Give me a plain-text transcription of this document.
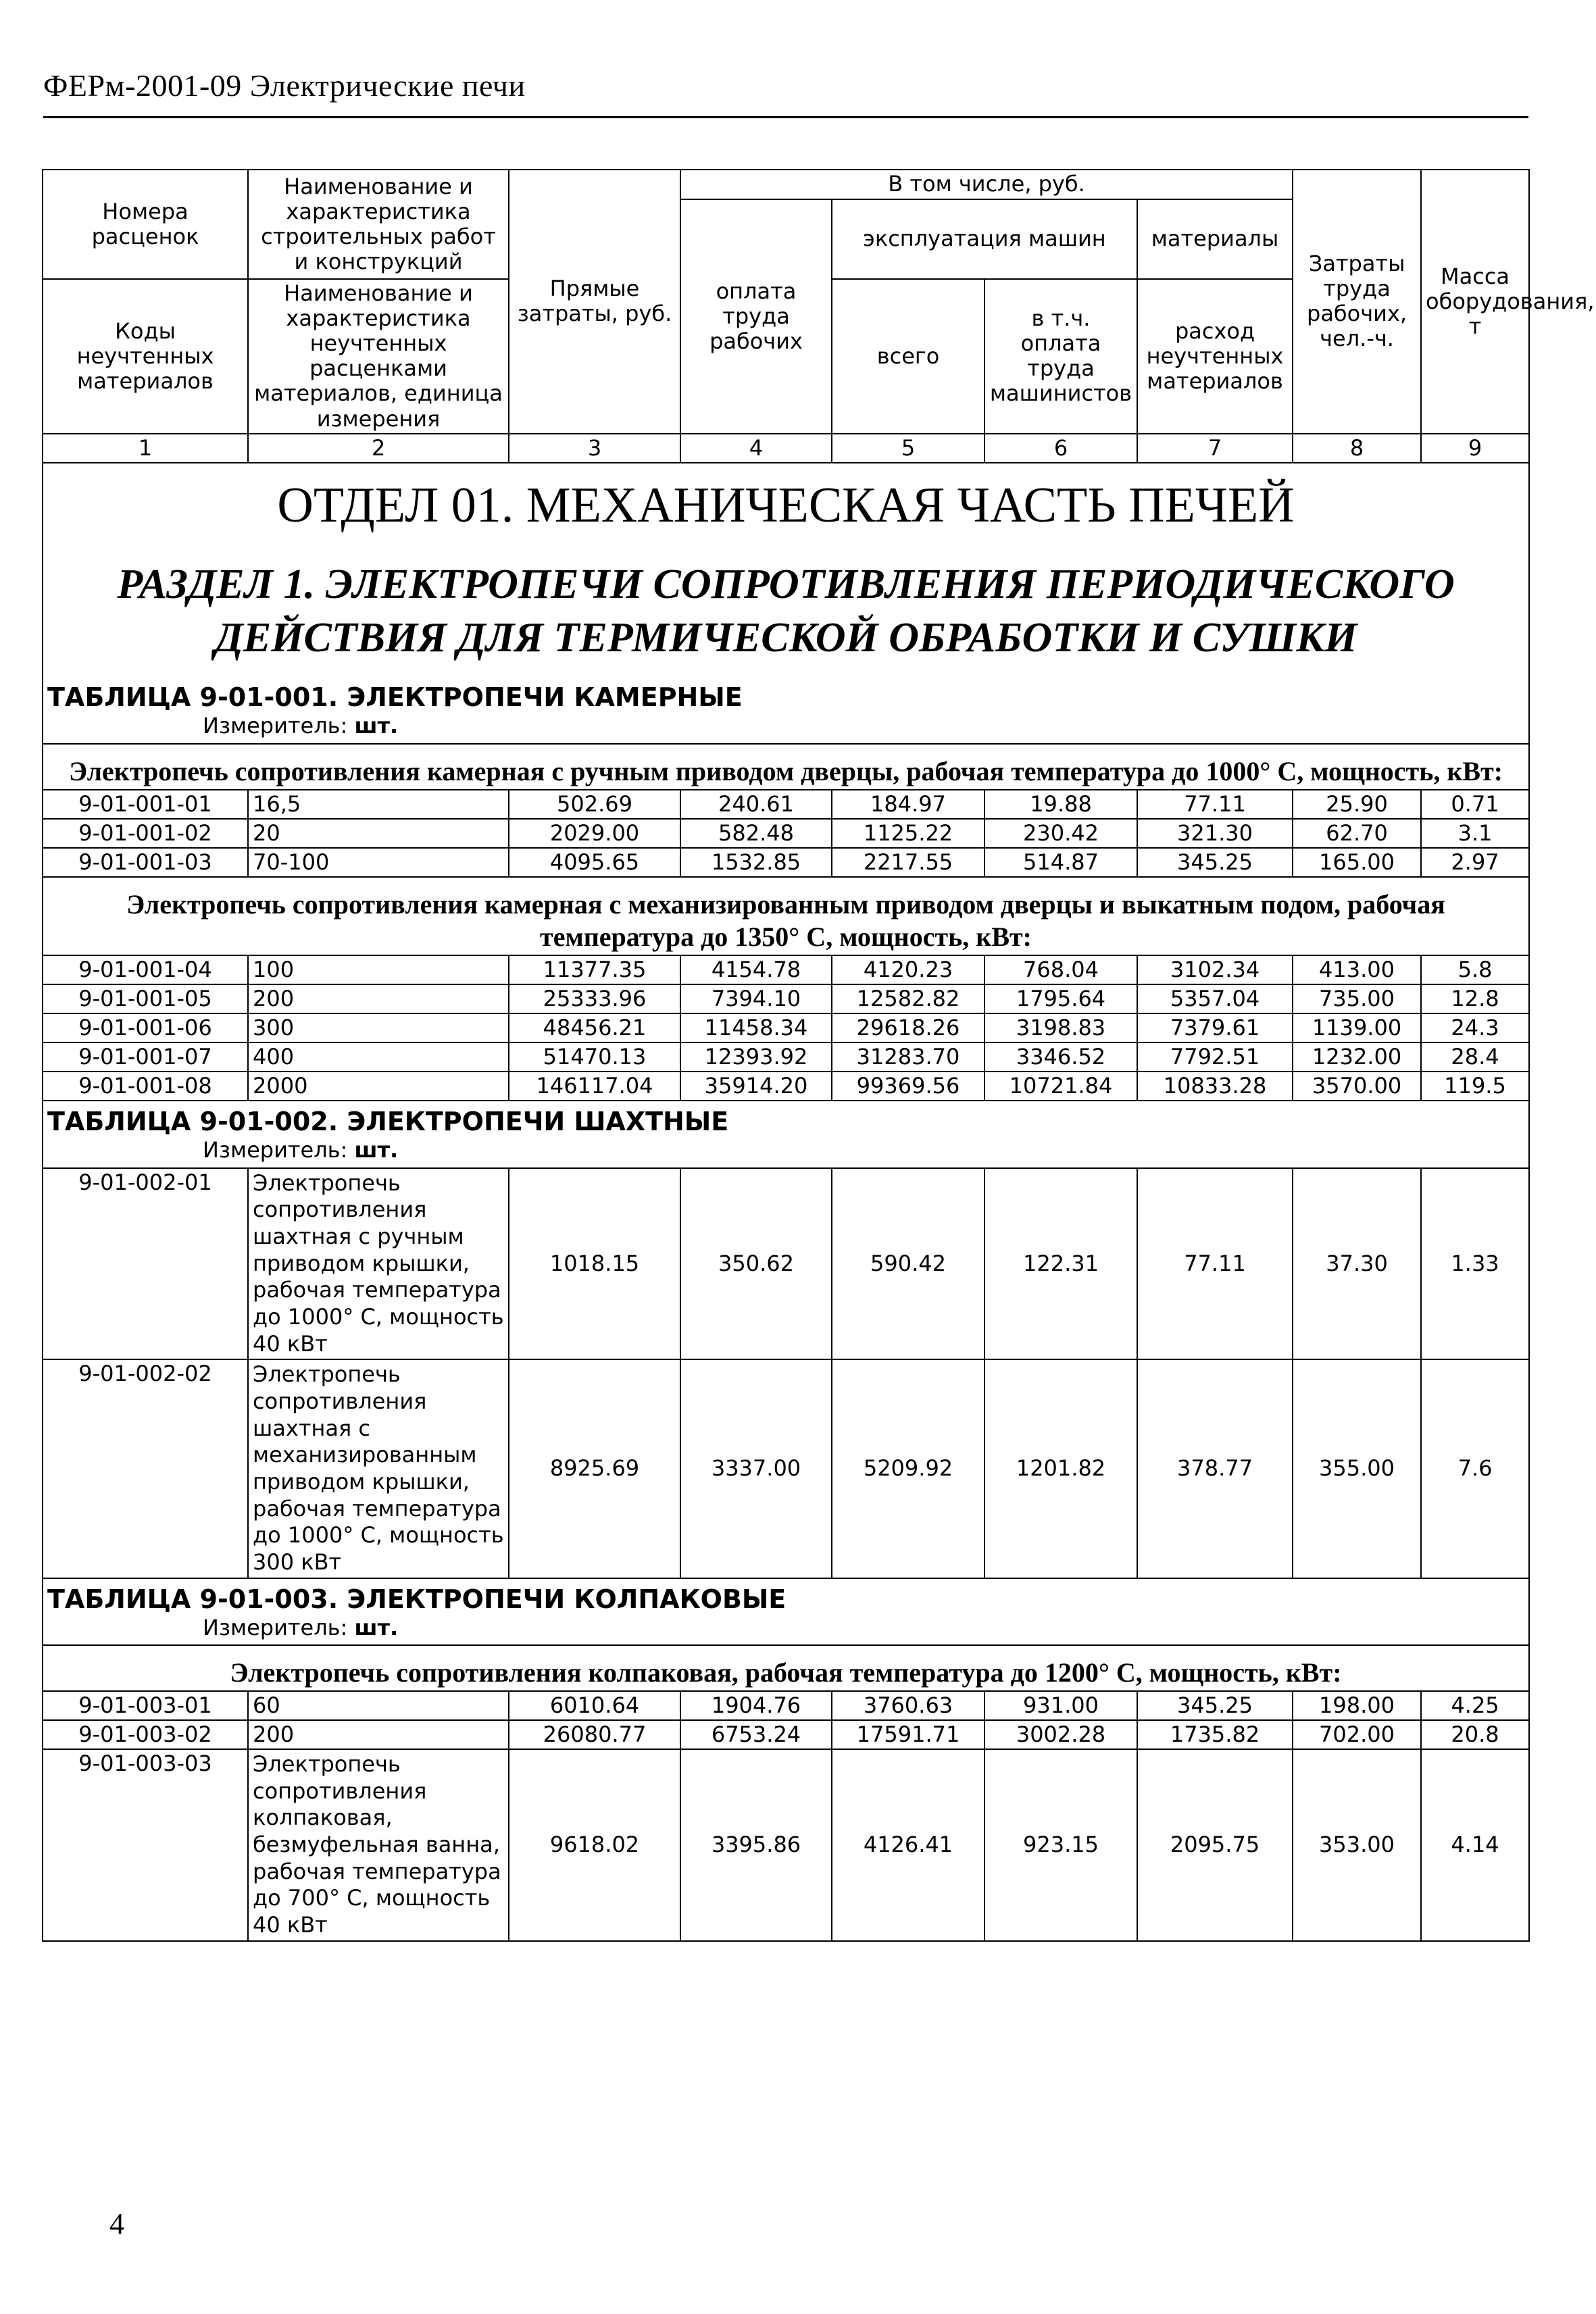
ФЕРм-2001-09 Электрические печи
Номера расценок	Наименование и характеристика строительных работ и конструкций	Прямые затраты, руб.	В том числе, руб.				Затраты труда рабочих, чел.-ч.	Масса оборудования, т
			оплата труда рабочих	эксплуатация машин		материалы		
Коды неучтенных материалов	Наименование и характеристика неучтенных расценками материалов, единица измерения			всего	в т.ч. оплата труда машинистов	расход неучтенных материалов		

1	2	3	4	5	6	7	8	9
ОТДЕЛ 01. МЕХАНИЧЕСКАЯ ЧАСТЬ ПЕЧЕЙ								
РАЗДЕЛ 1. ЭЛЕКТРОПЕЧИ СОПРОТИВЛЕНИЯ ПЕРИОДИЧЕСКОГО ДЕЙСТВИЯ ДЛЯ ТЕРМИЧЕСКОЙ ОБРАБОТКИ И СУШКИ								
ТАБЛИЦА 9-01-001. ЭЛЕКТРОПЕЧИ КАМЕРНЫЕ								
Измеритель: шт.								
Электропечь сопротивления камерная с ручным приводом дверцы, рабочая температура до 1000° С, мощность, кВт:								
9-01-001-01	16,5	502.69	240.61	184.97	19.88	77.11	25.90	0.71
9-01-001-02	20	2029.00	582.48	1125.22	230.42	321.30	62.70	3.1
9-01-001-03	70-100	4095.65	1532.85	2217.55	514.87	345.25	165.00	2.97
Электропечь сопротивления камерная с механизированным приводом дверцы и выкатным подом, рабочая температура до 1350° С, мощность, кВт:								
9-01-001-04	100	11377.35	4154.78	4120.23	768.04	3102.34	413.00	5.8
9-01-001-05	200	25333.96	7394.10	12582.82	1795.64	5357.04	735.00	12.8
9-01-001-06	300	48456.21	11458.34	29618.26	3198.83	7379.61	1139.00	24.3
9-01-001-07	400	51470.13	12393.92	31283.70	3346.52	7792.51	1232.00	28.4
9-01-001-08	2000	146117.04	35914.20	99369.56	10721.84	10833.28	3570.00	119.5
ТАБЛИЦА 9-01-002. ЭЛЕКТРОПЕЧИ ШАХТНЫЕ								
Измеритель: шт.								
9-01-002-01	Электропечь сопротивления шахтная с ручным приводом крышки, рабочая температура до 1000° С, мощность 40 кВт	1018.15	350.62	590.42	122.31	77.11	37.30	1.33
9-01-002-02	Электропечь сопротивления шахтная с механизированным приводом крышки, рабочая температура до 1000° С, мощность 300 кВт	8925.69	3337.00	5209.92	1201.82	378.77	355.00	7.6
ТАБЛИЦА 9-01-003. ЭЛЕКТРОПЕЧИ КОЛПАКОВЫЕ								
Измеритель: шт.								
Электропечь сопротивления колпаковая, рабочая температура до 1200° С, мощность, кВт:								
9-01-003-01	60	6010.64	1904.76	3760.63	931.00	345.25	198.00	4.25
9-01-003-02	200	26080.77	6753.24	17591.71	3002.28	1735.82	702.00	20.8
9-01-003-03	Электропечь сопротивления колпаковая, безмуфельная ванна, рабочая температура до 700° С, мощность 40 кВт	9618.02	3395.86	4126.41	923.15	2095.75	353.00	4.14
4
